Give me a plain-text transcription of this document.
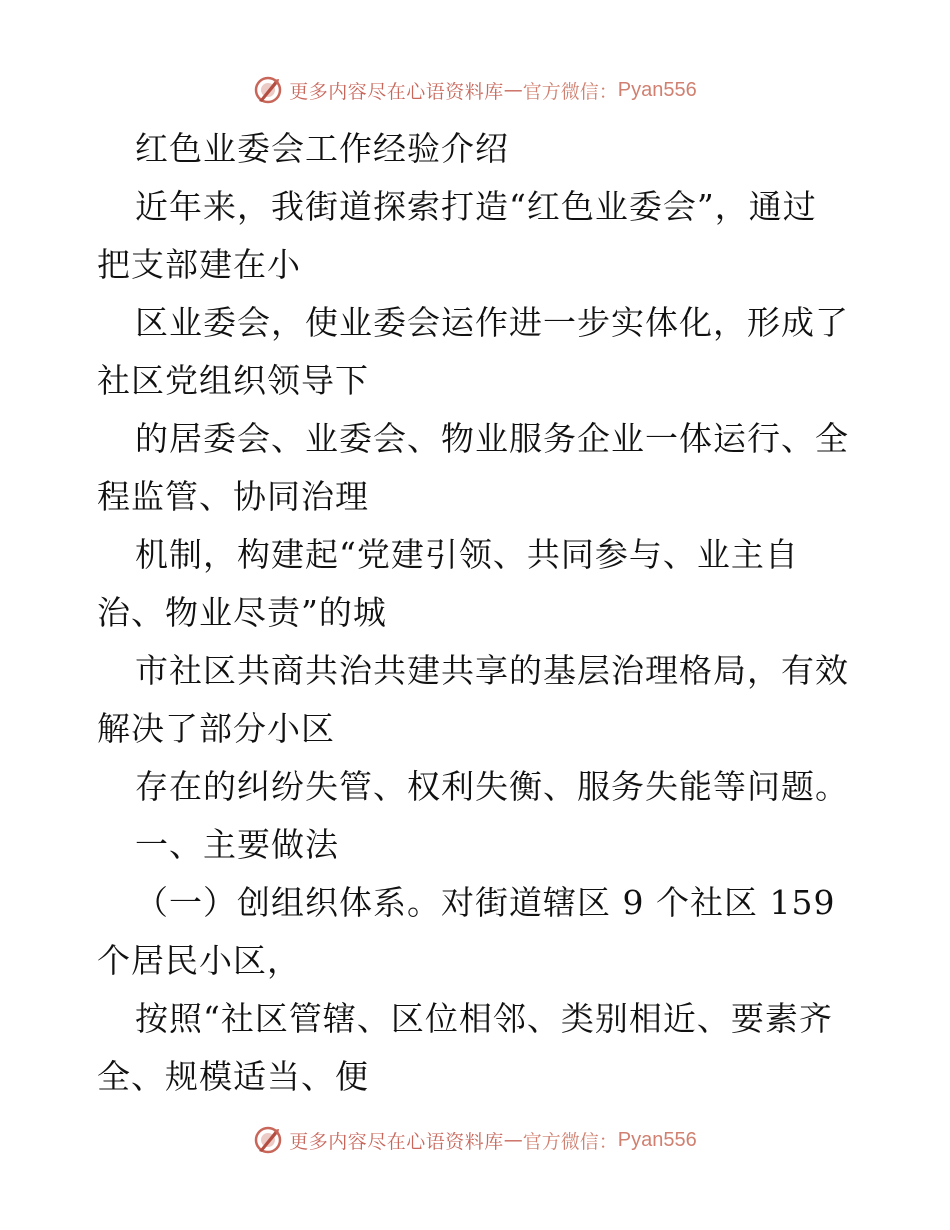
更多内容尽在心语资料库 — 官方微信： Pyan556
红色业委会工作经验介绍
近年来，我街道探索打造“红色业委会”，通过
把支部建在小
区业委会，使业委会运作进一步实体化，形成了
社区党组织领导下
的居委会、业委会、物业服务企业一体运行、全
程监管、协同治理
机制，构建起“党建引领、共同参与、业主自
治、物业尽责”的城
市社区共商共治共建共享的基层治理格局，有效
解决了部分小区
存在的纠纷失管、权利失衡、服务失能等问题。
一、主要做法
（一）创组织体系。对街道辖区 9 个社区 159
个居民小区，
按照“社区管辖、区位相邻、类别相近、要素齐
全、规模适当、便
更多内容尽在心语资料库 — 官方微信： Pyan556
